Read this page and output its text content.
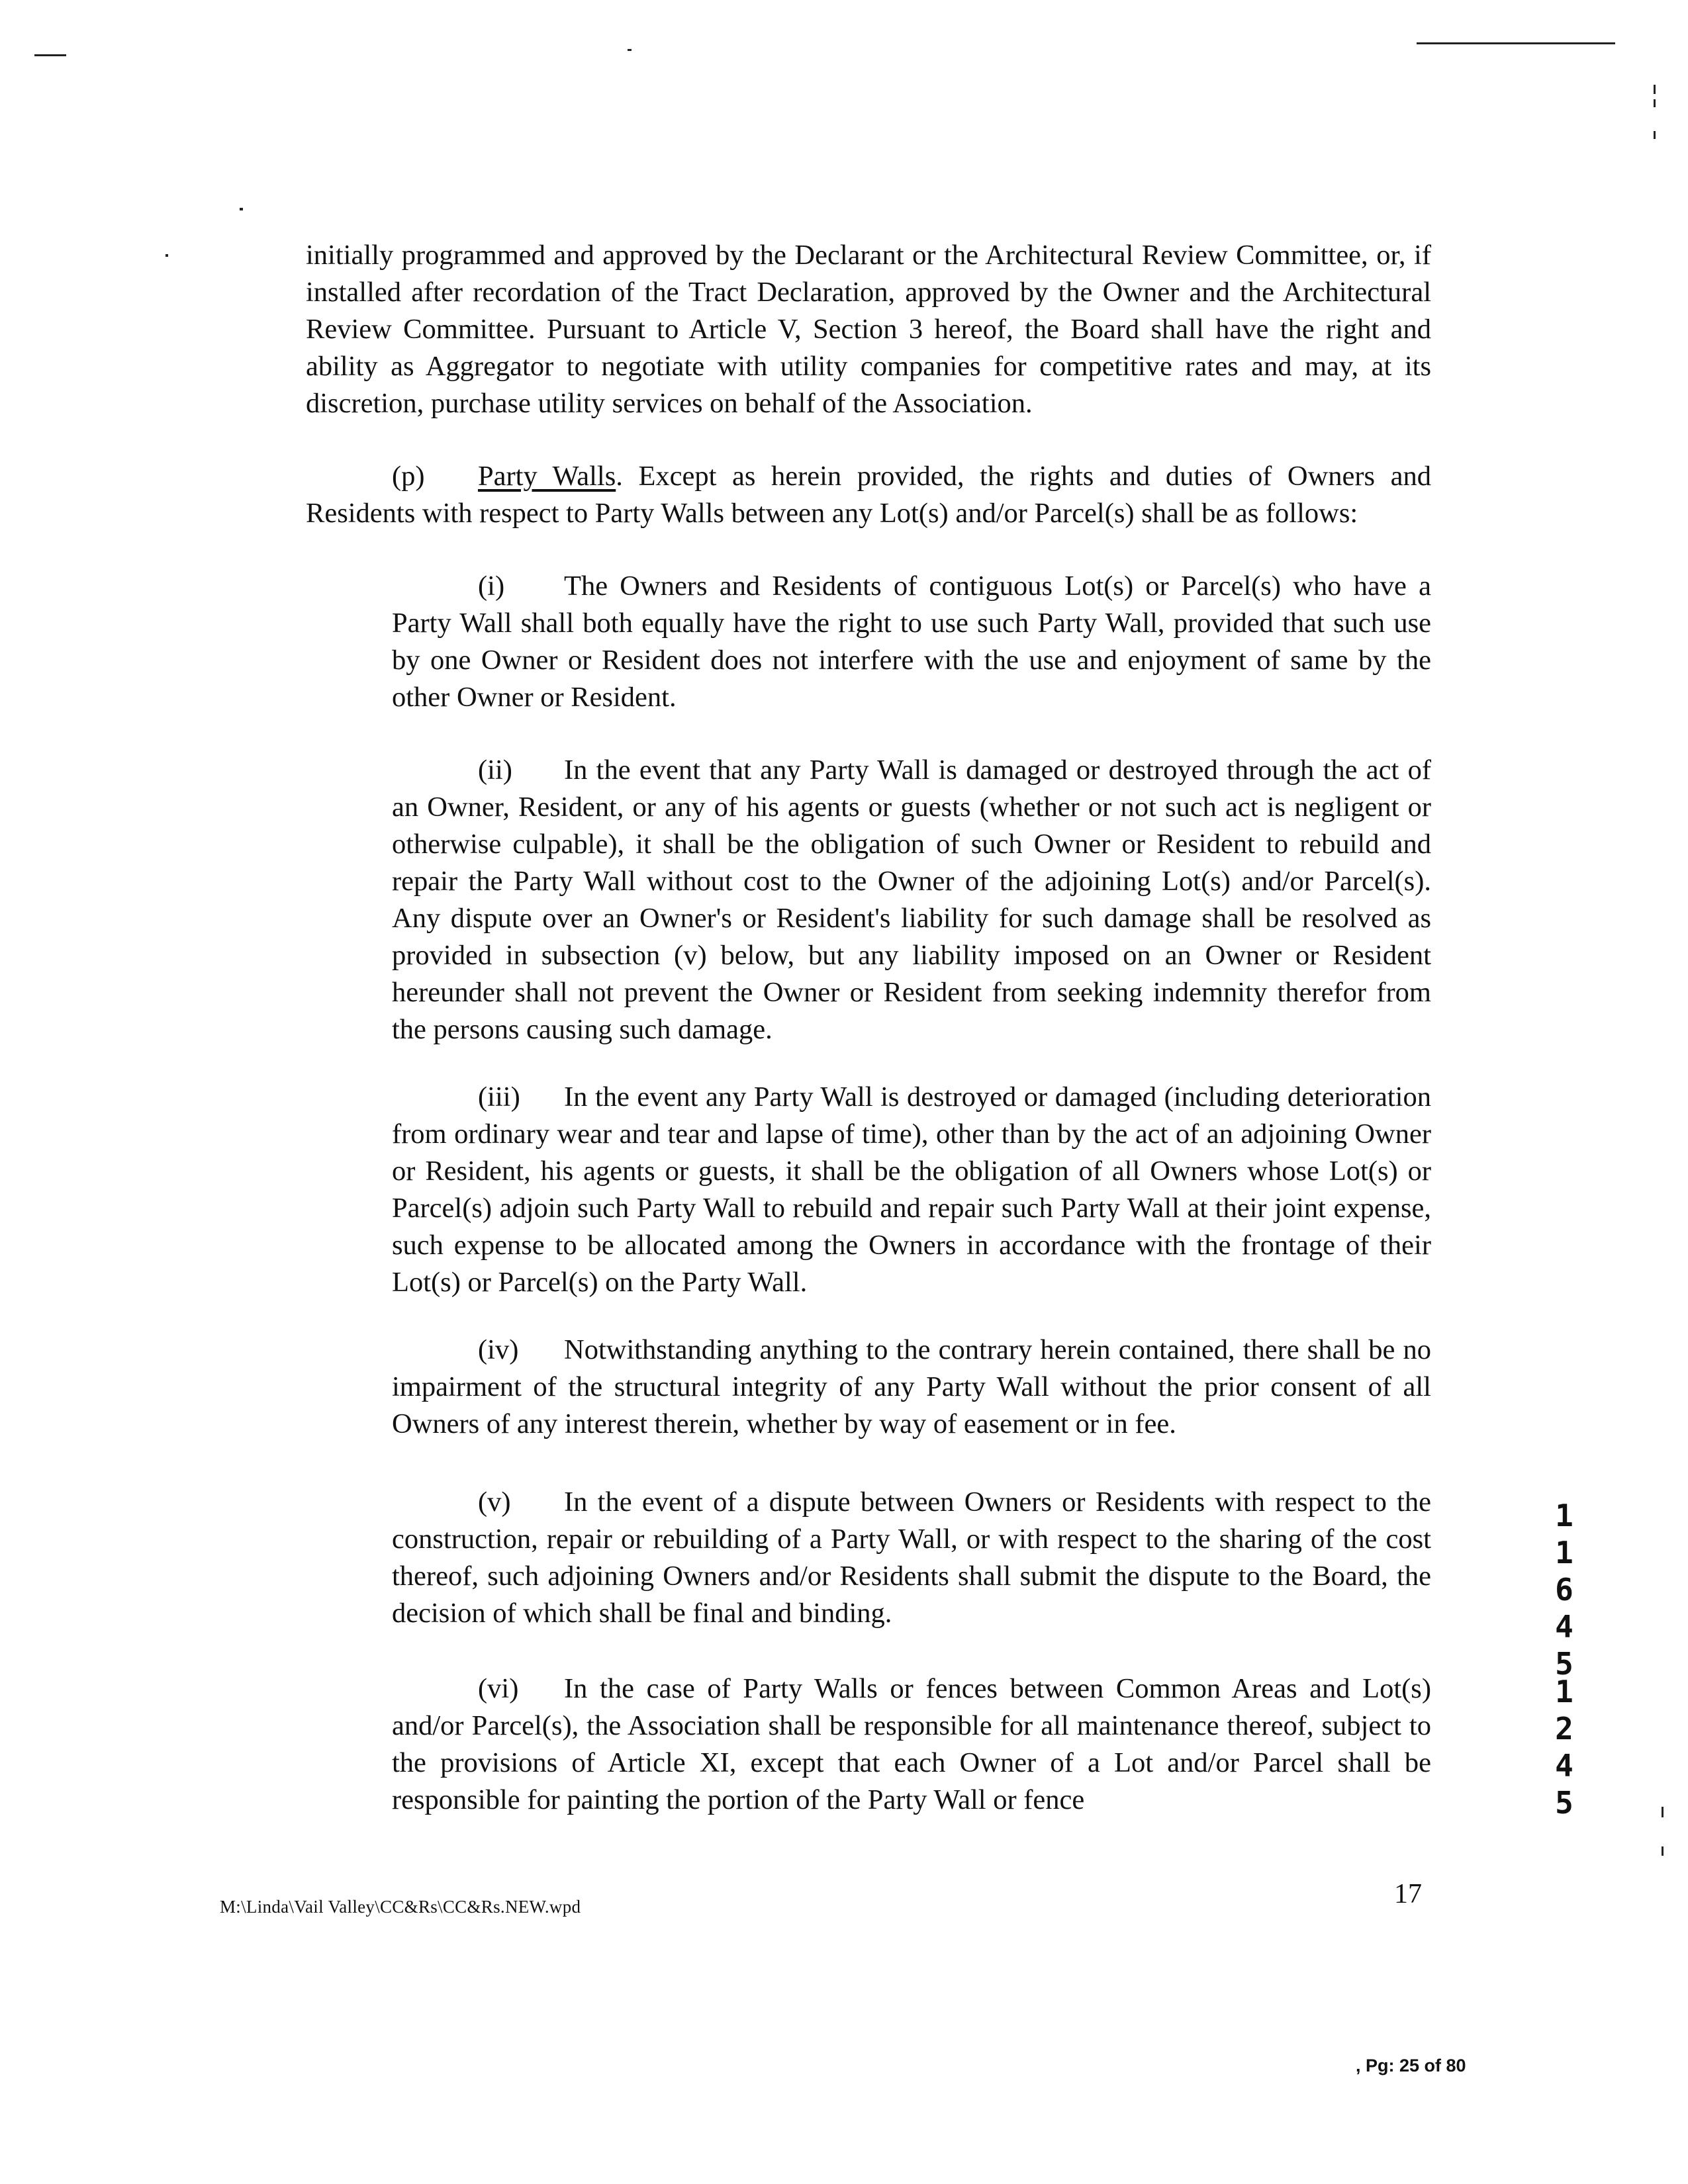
initially programmed and approved by the Declarant or the Architectural Review Committee, or, if installed after recordation of the Tract Declaration, approved by the Owner and the Architectural Review Committee. Pursuant to Article V, Section 3 hereof, the Board shall have the right and ability as Aggregator to negotiate with utility companies for competitive rates and may, at its discretion, purchase utility services on behalf of the Association.
(p) Party Walls. Except as herein provided, the rights and duties of Owners and Residents with respect to Party Walls between any Lot(s) and/or Parcel(s) shall be as follows:
(i) The Owners and Residents of contiguous Lot(s) or Parcel(s) who have a Party Wall shall both equally have the right to use such Party Wall, provided that such use by one Owner or Resident does not interfere with the use and enjoyment of same by the other Owner or Resident.
(ii) In the event that any Party Wall is damaged or destroyed through the act of an Owner, Resident, or any of his agents or guests (whether or not such act is negligent or otherwise culpable), it shall be the obligation of such Owner or Resident to rebuild and repair the Party Wall without cost to the Owner of the adjoining Lot(s) and/or Parcel(s). Any dispute over an Owner's or Resident's liability for such damage shall be resolved as provided in subsection (v) below, but any liability imposed on an Owner or Resident hereunder shall not prevent the Owner or Resident from seeking indemnity therefor from the persons causing such damage.
(iii) In the event any Party Wall is destroyed or damaged (including deterioration from ordinary wear and tear and lapse of time), other than by the act of an adjoining Owner or Resident, his agents or guests, it shall be the obligation of all Owners whose Lot(s) or Parcel(s) adjoin such Party Wall to rebuild and repair such Party Wall at their joint expense, such expense to be allocated among the Owners in accordance with the frontage of their Lot(s) or Parcel(s) on the Party Wall.
(iv) Notwithstanding anything to the contrary herein contained, there shall be no impairment of the structural integrity of any Party Wall without the prior consent of all Owners of any interest therein, whether by way of easement or in fee.
(v) In the event of a dispute between Owners or Residents with respect to the construction, repair or rebuilding of a Party Wall, or with respect to the sharing of the cost thereof, such adjoining Owners and/or Residents shall submit the dispute to the Board, the decision of which shall be final and binding.
(vi) In the case of Party Walls or fences between Common Areas and Lot(s) and/or Parcel(s), the Association shall be responsible for all maintenance thereof, subject to the provisions of Article XI, except that each Owner of a Lot and/or Parcel shall be responsible for painting the portion of the Party Wall or fence
M:\Linda\Vail Valley\CC&Rs\CC&Rs.NEW.wpd	17
, Pg: 25 of 80
1
1
6
4
5
1
2
4
5
